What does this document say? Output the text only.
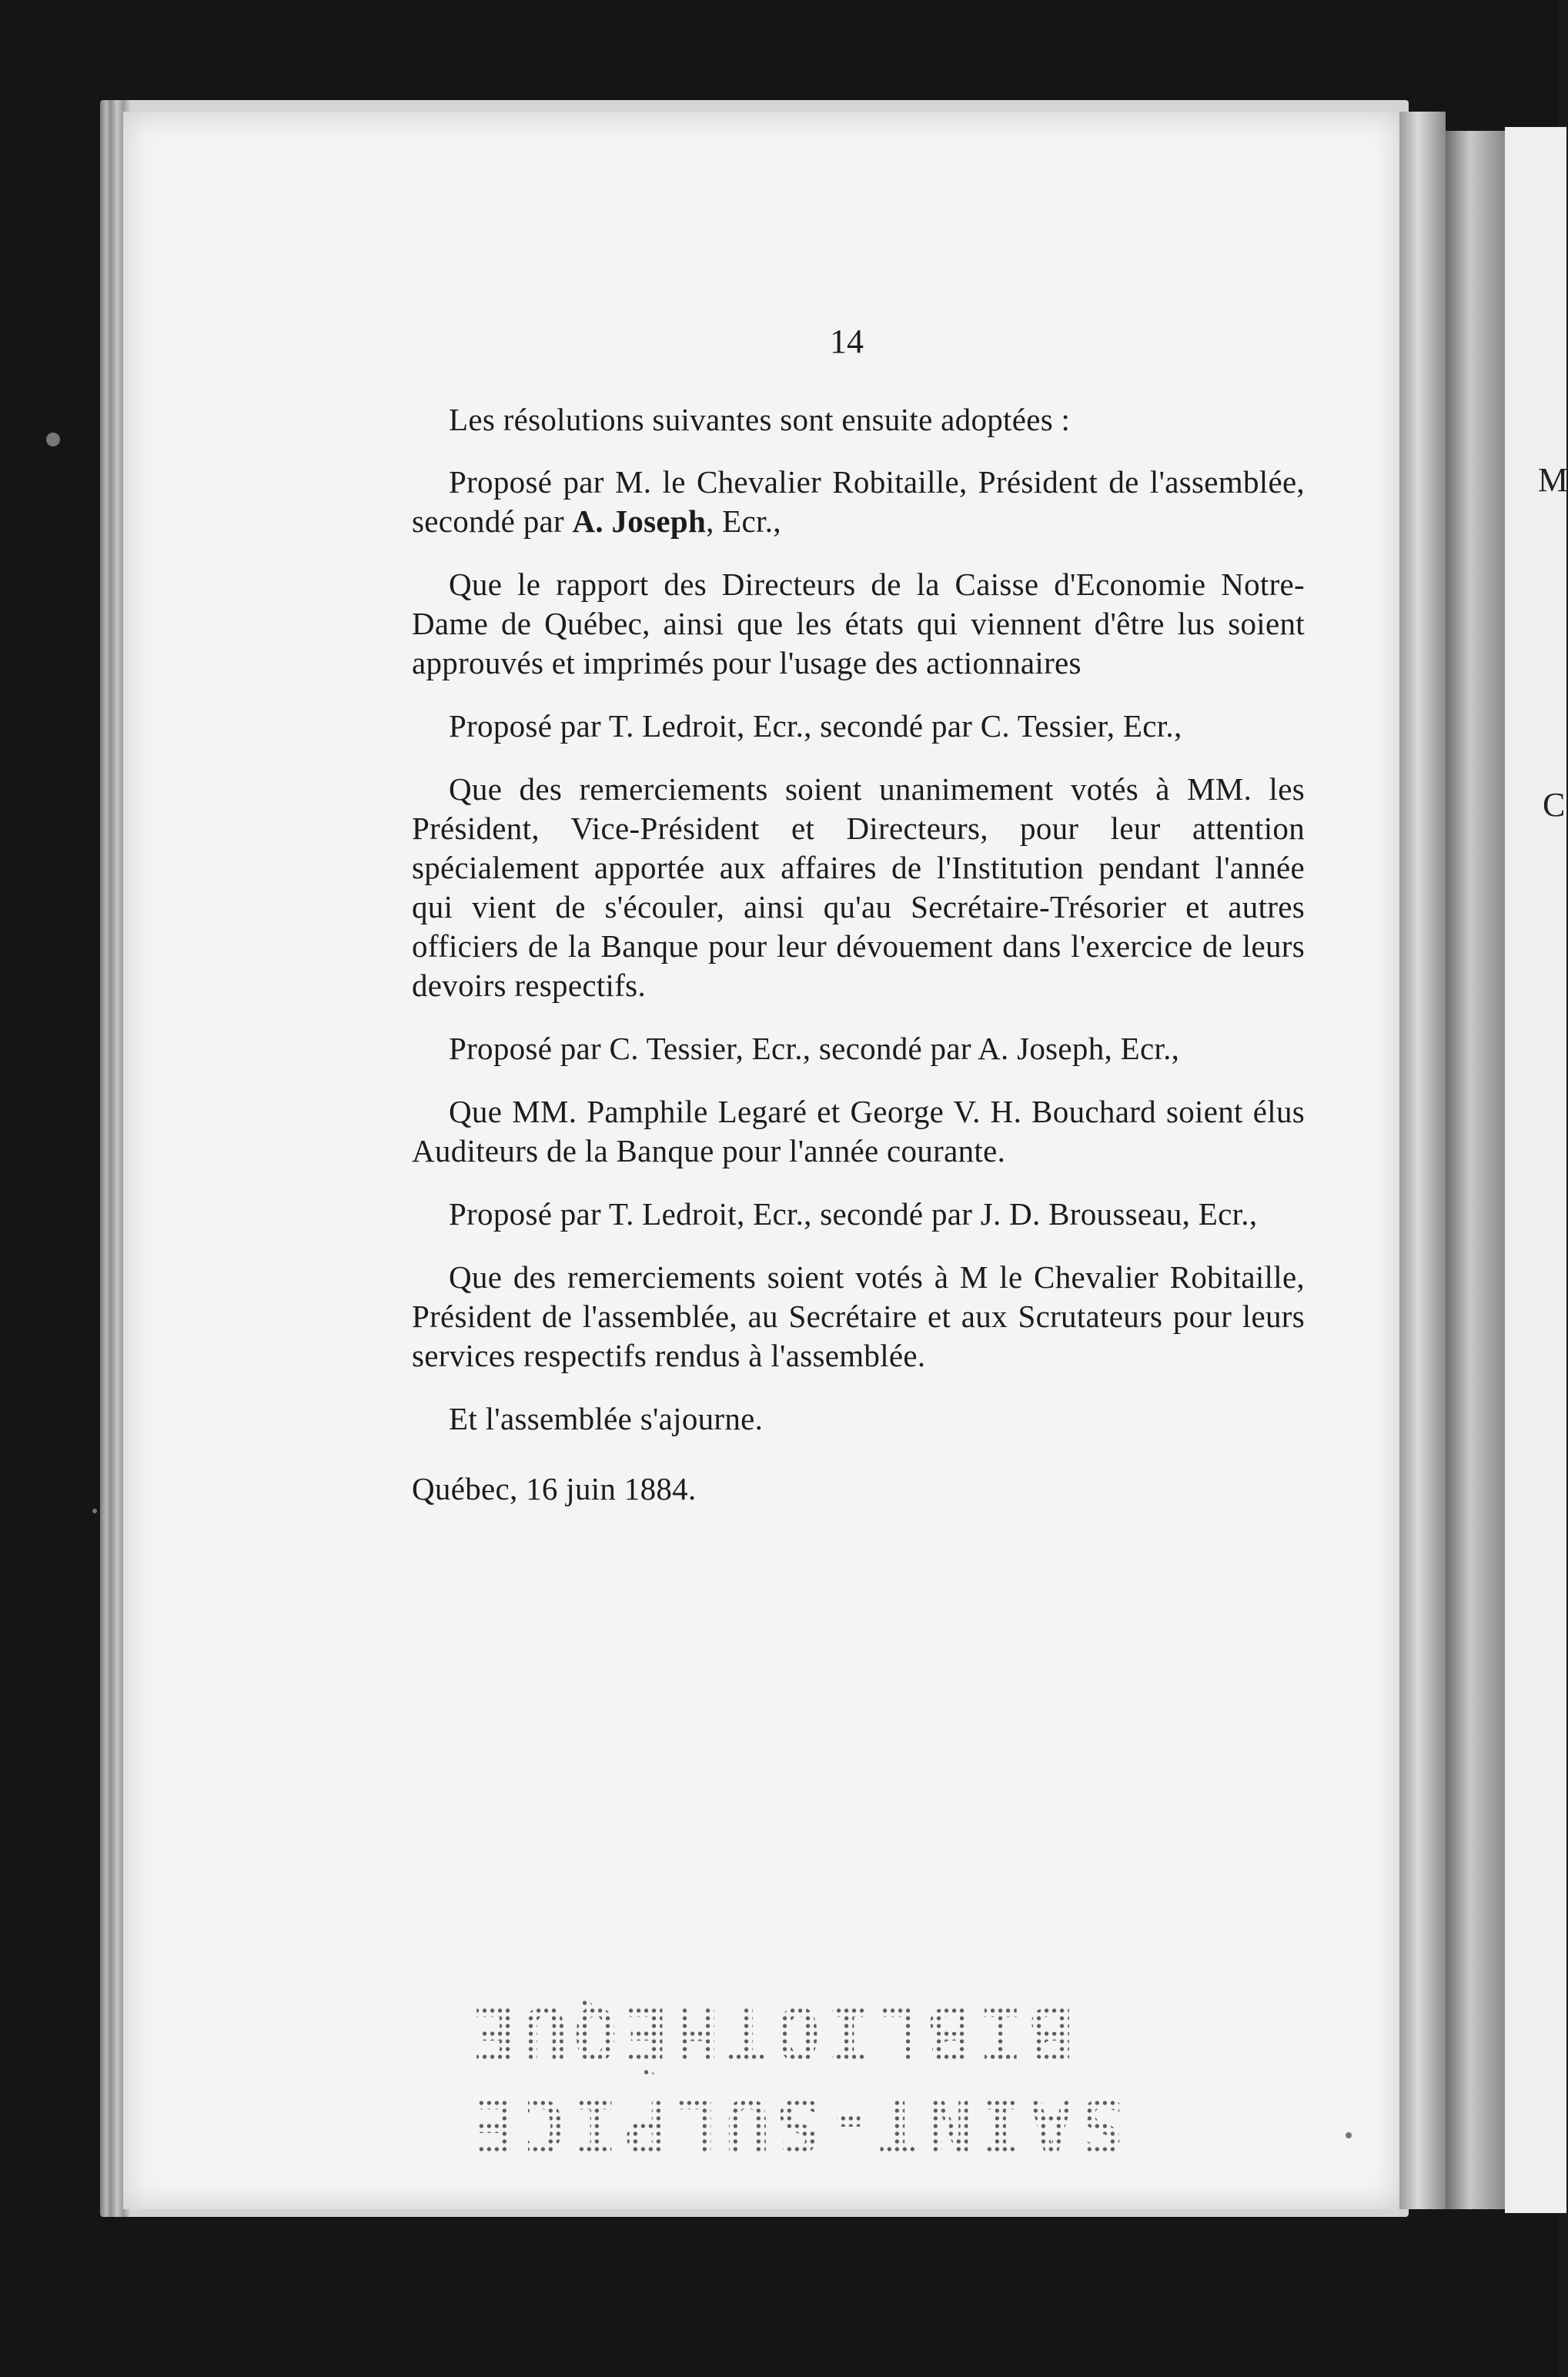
M
C
14

Les résolutions suivantes sont ensuite adoptées :

Proposé par M. le Chevalier Robitaille, Président de l'assemblée, secondé par A. Joseph, Ecr.,

Que le rapport des Directeurs de la Caisse d'Economie Notre-Dame de Québec, ainsi que les états qui viennent d'être lus soient approuvés et imprimés pour l'usage des actionnaires

Proposé par T. Ledroit, Ecr., secondé par C. Tessier, Ecr.,

Que des remerciements soient unanimement votés à MM. les Président, Vice-Président et Directeurs, pour leur attention spécialement apportée aux affaires de l'Institution pendant l'année qui vient de s'écouler, ainsi qu'au Secrétaire-Trésorier et autres officiers de la Banque pour leur dévouement dans l'exercice de leurs devoirs respectifs.

Proposé par C. Tessier, Ecr., secondé par A. Joseph, Ecr.,

Que MM. Pamphile Legaré et George V. H. Bouchard soient élus Auditeurs de la Banque pour l'année courante.

Proposé par T. Ledroit, Ecr., secondé par J. D. Brousseau, Ecr.,

Que des remerciements soient votés à M le Chevalier Robitaille, Président de l'assemblée, au Secrétaire et aux Scrutateurs pour leurs services respectifs rendus à l'assemblée.

Et l'assemblée s'ajourne.

Québec, 16 juin 1884.

BIBLIOTHÈQUE
SAINT-SULPICE
